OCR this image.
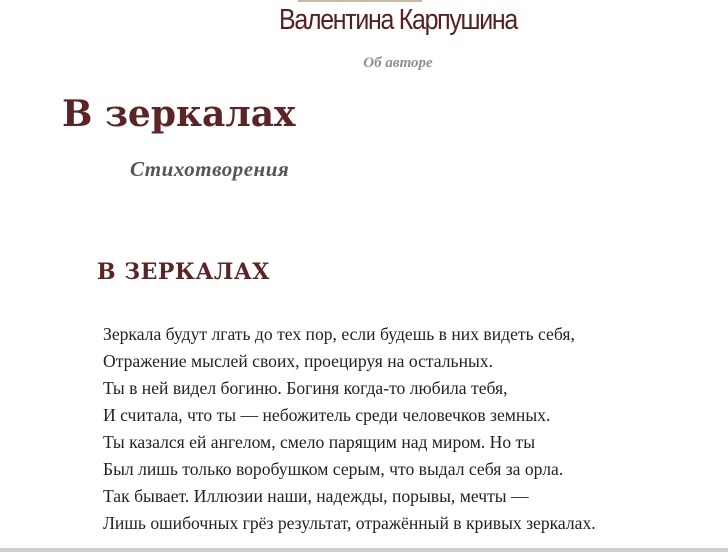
Валентина Карпушина
Об авторе
В зеркалах
Стихотворения
В ЗЕРКАЛАХ
Зеркала будут лгать до тех пор, если будешь в них видеть себя,
Отражение мыслей своих, проецируя на остальных.
Ты в ней видел богиню. Богиня когда-то любила тебя,
И считала, что ты — небожитель среди человечков земных.
Ты казался ей ангелом, смело парящим над миром. Но ты
Был лишь только воробушком серым, что выдал себя за орла.
Так бывает. Иллюзии наши, надежды, порывы, мечты —
Лишь ошибочных грёз результат, отражённый в кривых зеркалах.
